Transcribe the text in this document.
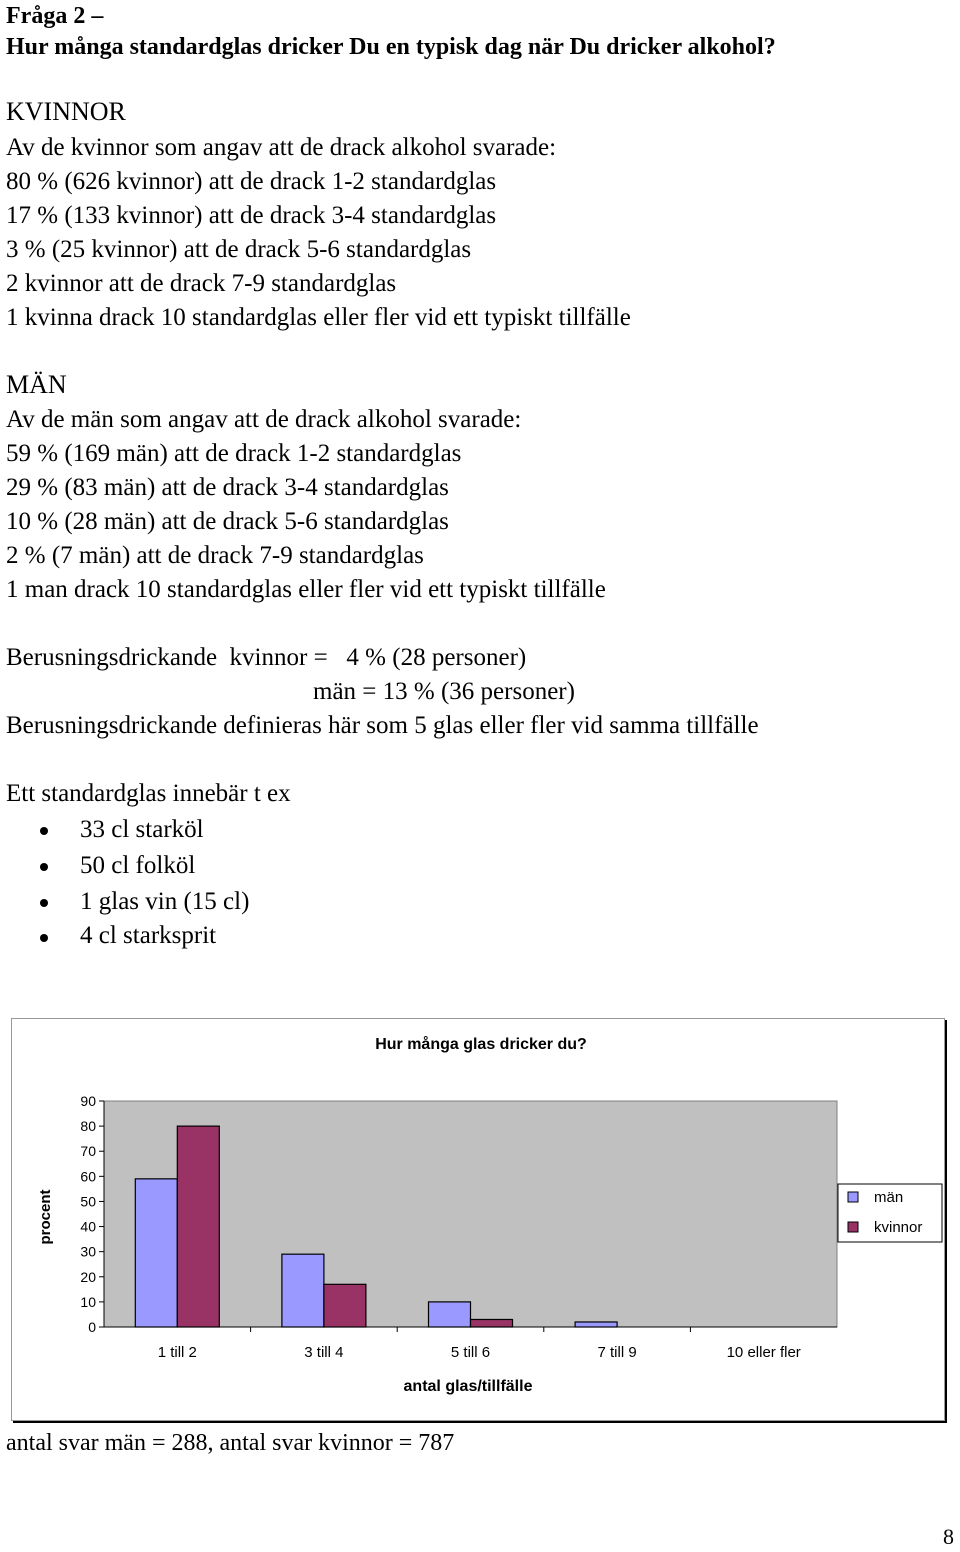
Fråga 2 –
Hur många standardglas dricker Du en typisk dag när Du dricker alkohol?
KVINNOR
Av de kvinnor som angav att de drack alkohol svarade:
80 % (626 kvinnor) att de drack 1-2 standardglas
17 % (133 kvinnor) att de drack 3-4 standardglas
3 % (25 kvinnor) att de drack 5-6 standardglas
2 kvinnor att de drack 7-9 standardglas
1 kvinna drack 10 standardglas eller fler vid ett typiskt tillfälle
MÄN
Av de män som angav att de drack alkohol svarade:
59 % (169 män) att de drack 1-2 standardglas
29 % (83 män) att de drack 3-4 standardglas
10 % (28 män) att de drack 5-6 standardglas
2 % (7 män) att de drack 7-9 standardglas
1 man drack 10 standardglas eller fler vid ett typiskt tillfälle
Berusningsdrickande  kvinnor =   4 % (28 personer)
män = 13 % (36 personer)
Berusningsdrickande definieras här som 5 glas eller fler vid samma tillfälle
Ett standardglas innebär t ex
33 cl starköl
50 cl folköl
1 glas vin (15 cl)
4 cl starksprit
Hur många glas dricker du?
procent
antal glas/tillfälle
0
10
20
30
40
50
60
70
80
90
1 till 2	3 till 4	5 till 6	7 till 9	10 eller fler
män
kvinnor
antal svar män = 288, antal svar kvinnor = 787
8
